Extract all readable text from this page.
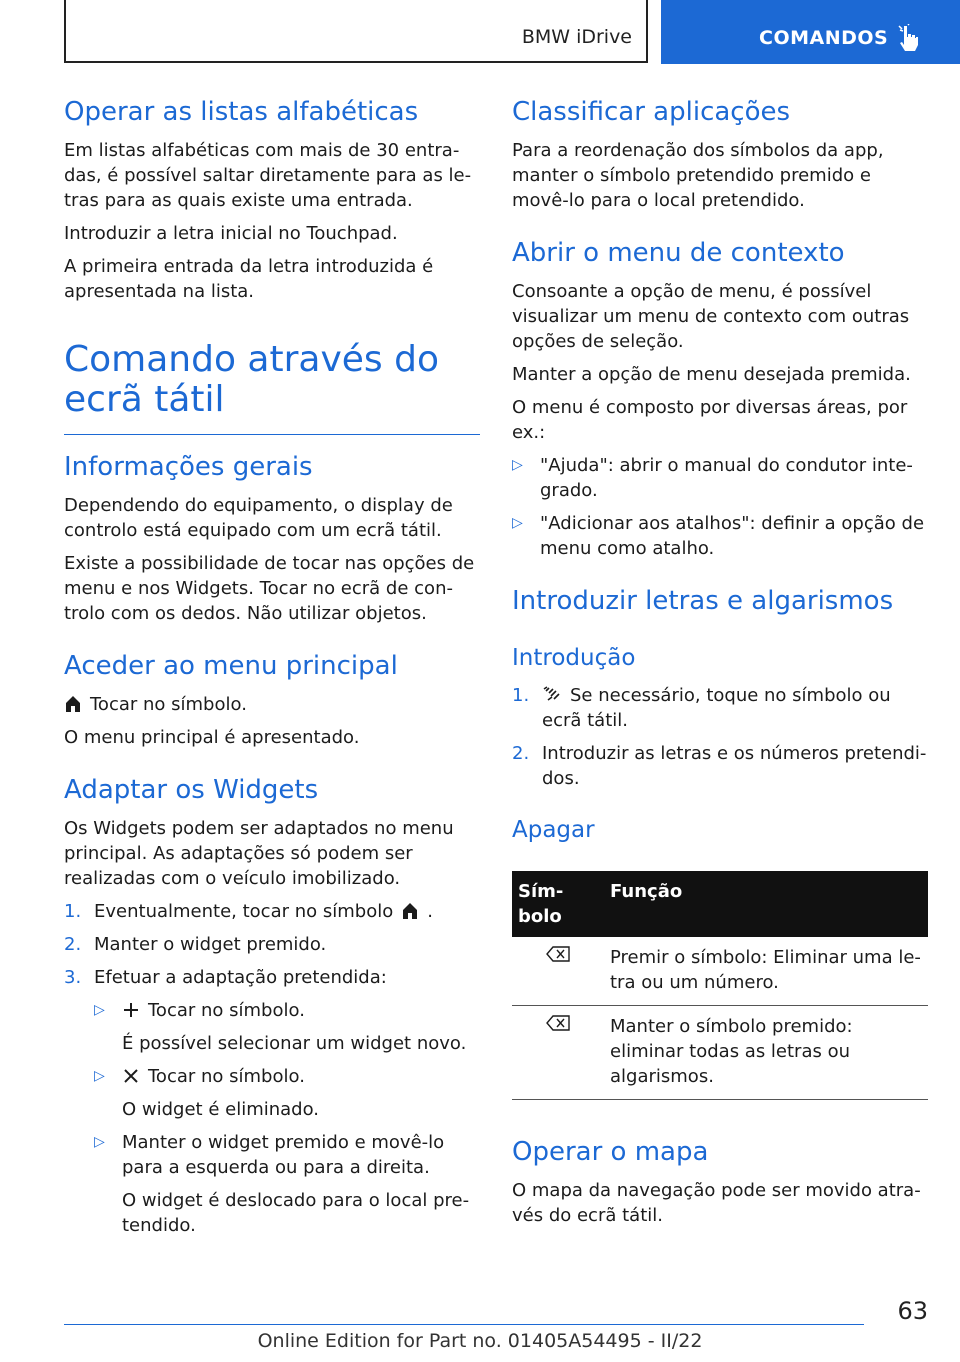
BMW iDrive	COMANDOS
Operar as listas alfabéticas

Em listas alfabéticas com mais de 30 entradas, é possível saltar diretamente para as letras para as quais existe uma entrada.

Introduzir a letra inicial no Touchpad.

A primeira entrada da letra introduzida é apresentada na lista.

Comando através do ecrã tátil
Informações gerais

Dependendo do equipamento, o display de controlo está equipado com um ecrã tátil.

Existe a possibilidade de tocar nas opções de menu e nos Widgets. Tocar no ecrã de controlo com os dedos. Não utilizar objetos.

Aceder ao menu principal

Tocar no símbolo.

O menu principal é apresentado.

Adaptar os Widgets

Os Widgets podem ser adaptados no menu principal. As adaptações só podem ser realizadas com o veículo imobilizado.

1. Eventualmente, tocar no símbolo .
2. Manter o widget premido.
3. Efetuar a adaptação pretendida:
▷ Tocar no símbolo.
É possível selecionar um widget novo.
▷ Tocar no símbolo.
O widget é eliminado.
▷ Manter o widget premido e movê-lo para a esquerda ou para a direita.
O widget é deslocado para o local pretendido.
Classificar aplicações

Para a reordenação dos símbolos da app, manter o símbolo pretendido premido e movê-lo para o local pretendido.

Abrir o menu de contexto

Consoante a opção de menu, é possível visualizar um menu de contexto com outras opções de seleção.

Manter a opção de menu desejada premida.

O menu é composto por diversas áreas, por ex.:

▷ "Ajuda": abrir o manual do condutor integrado.
▷ "Adicionar aos atalhos": definir a opção de menu como atalho.
Introduzir letras e algarismos
Introdução
1. Se necessário, toque no símbolo ou ecrã tátil.
2. Introduzir as letras e os números pretendidos.
Apagar
Símbolo	Função
	Premir o símbolo: Eliminar uma letra ou um número.
	Manter o símbolo premido: eliminar todas as letras ou algarismos.
Operar o mapa

O mapa da navegação pode ser movido através do ecrã tátil.

63
Online Edition for Part no. 01405A54495 - II/22
